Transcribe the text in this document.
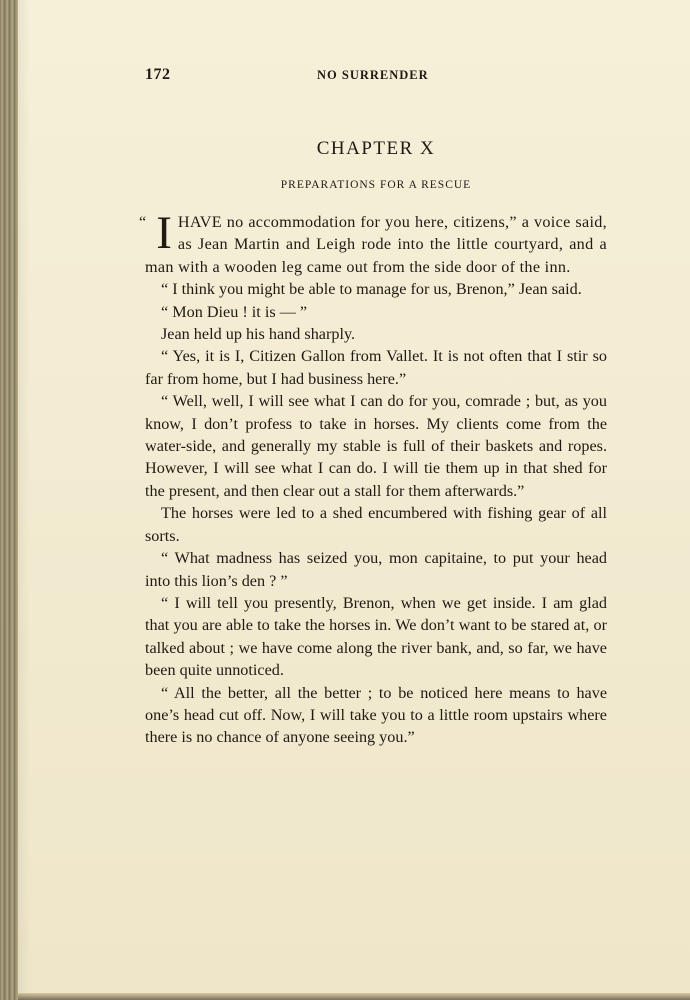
172	NO SURRENDER
CHAPTER X
PREPARATIONS FOR A RESCUE

“ I HAVE no accommodation for you here, citizens,” a voice said, as Jean Martin and Leigh rode into the little courtyard, and a man with a wooden leg came out from the side door of the inn.

“ I think you might be able to manage for us, Brenon,” Jean said.

“ Mon Dieu ! it is — ”

Jean held up his hand sharply.

“ Yes, it is I, Citizen Gallon from Vallet. It is not often that I stir so far from home, but I had business here.”

“ Well, well, I will see what I can do for you, comrade ; but, as you know, I don’t profess to take in horses. My clients come from the water-side, and generally my stable is full of their baskets and ropes. However, I will see what I can do. I will tie them up in that shed for the present, and then clear out a stall for them afterwards.”

The horses were led to a shed encumbered with fishing gear of all sorts.

“ What madness has seized you, mon capitaine, to put your head into this lion’s den ? ”

“ I will tell you presently, Brenon, when we get inside. I am glad that you are able to take the horses in. We don’t want to be stared at, or talked about ; we have come along the river bank, and, so far, we have been quite unnoticed.

“ All the better, all the better ; to be noticed here means to have one’s head cut off. Now, I will take you to a little room upstairs where there is no chance of anyone seeing you.”
